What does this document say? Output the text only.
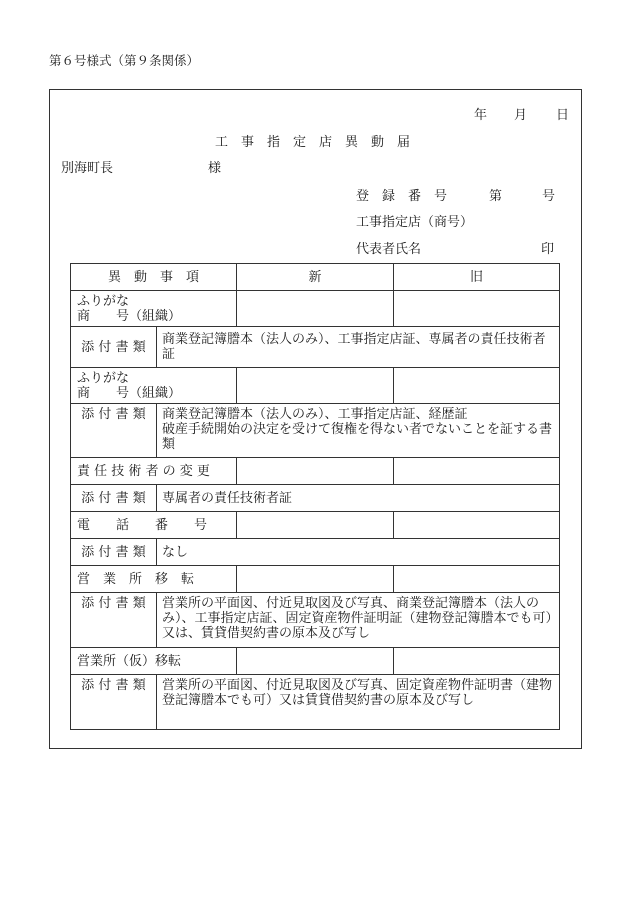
第６号様式（第９条関係）
年 月 日
工　事　指　定　店　異　動　届
別海町長	様
登　録　番　号	第	号
工事指定店（商号）
代表者氏名	印
異　動　事　項		新	旧

ふりがな
商　　号（組織）			

添 付 書 類	商業登記簿謄本（法人のみ）、工事指定店証、専属者の責任技術者証		

ふりがな
商　　号（組織）			

添 付 書 類	商業登記簿謄本（法人のみ）、工事指定店証、経歴証
破産手続開始の決定を受けて復権を得ない者でないことを証する書類		

責 任 技 術 者 の 変 更			
添 付 書 類	専属者の責任技術者証		
電　　話　　番　　号			
添 付 書 類	なし		
営　業　所　移　転			
添 付 書 類	営業所の平面図、付近見取図及び写真、商業登記簿謄本（法人のみ）、工事指定店証、固定資産物件証明証（建物登記簿謄本でも可）
又は、賃貸借契約書の原本及び写し		

営業所（仮）移転			
添 付 書 類	営業所の平面図、付近見取図及び写真、固定資産物件証明書（建物登記簿謄本でも可）又は賃貸借契約書の原本及び写し		
